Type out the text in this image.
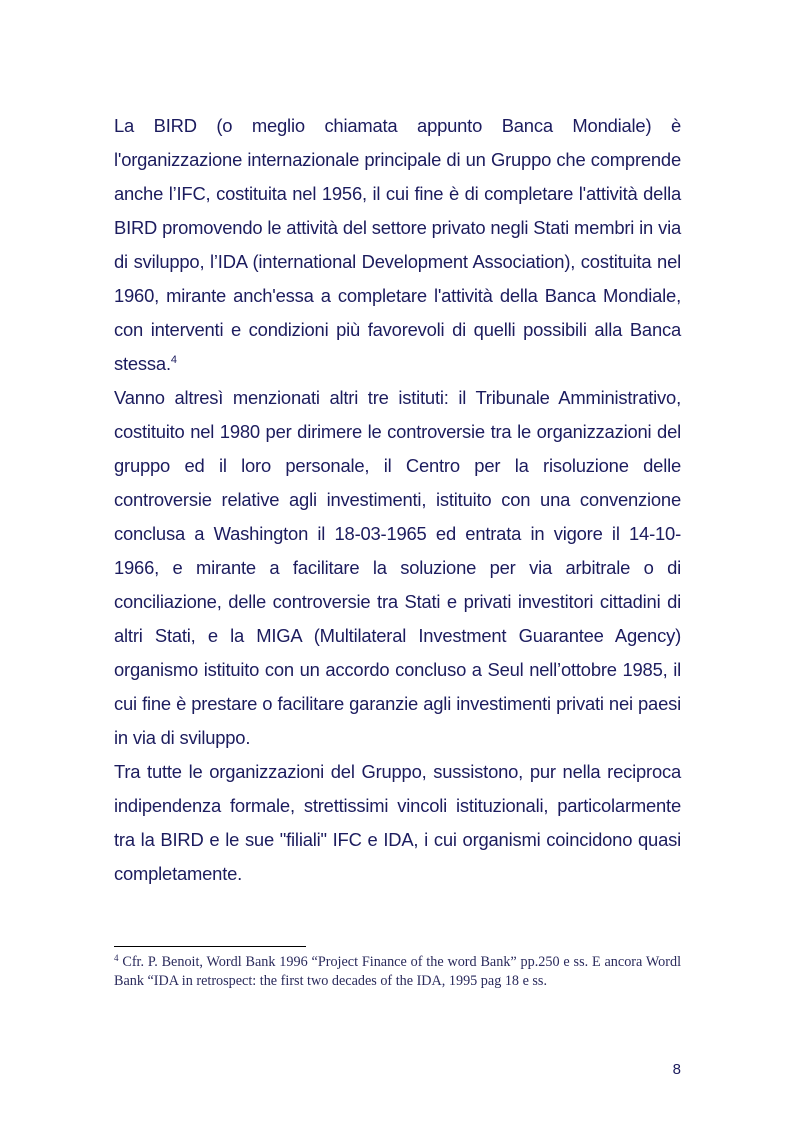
La BIRD (o meglio chiamata appunto Banca Mondiale) è l'organizzazione internazionale principale di un Gruppo che comprende anche l’IFC, costituita nel 1956, il cui fine è di completare l'attività della BIRD promovendo le attività del settore privato negli Stati membri in via di sviluppo, l’IDA (international Development Association), costituita nel 1960, mirante anch'essa a completare l'attività della Banca Mondiale, con interventi e condizioni più favorevoli di quelli possibili alla Banca stessa.$^4$

Vanno altresì menzionati altri tre istituti: il Tribunale Amministrativo, costituito nel 1980 per dirimere le controversie tra le organizzazioni del gruppo ed il loro personale, il Centro per la risoluzione delle controversie relative agli investimenti, istituito con una convenzione conclusa a Washington il 18-03-1965 ed entrata in vigore il 14-10-1966, e mirante a facilitare la soluzione per via arbitrale o di conciliazione, delle controversie tra Stati e privati investitori cittadini di altri Stati, e la MIGA (Multilateral Investment Guarantee Agency) organismo istituito con un accordo concluso a Seul nell’ottobre 1985, il cui fine è prestare o facilitare garanzie agli investimenti privati nei paesi in via di sviluppo.

Tra tutte le organizzazioni del Gruppo, sussistono, pur nella reciproca indipendenza formale, strettissimi vincoli istituzionali, particolarmente tra la BIRD e le sue "filiali" IFC e IDA, i cui organismi coincidono quasi completamente.

$^4$ Cfr. P. Benoit, Wordl Bank 1996 “Project Finance of the word Bank” pp.250 e ss. E ancora Wordl Bank “IDA in retrospect: the first two decades of the IDA, 1995 pag 18 e ss.
8
